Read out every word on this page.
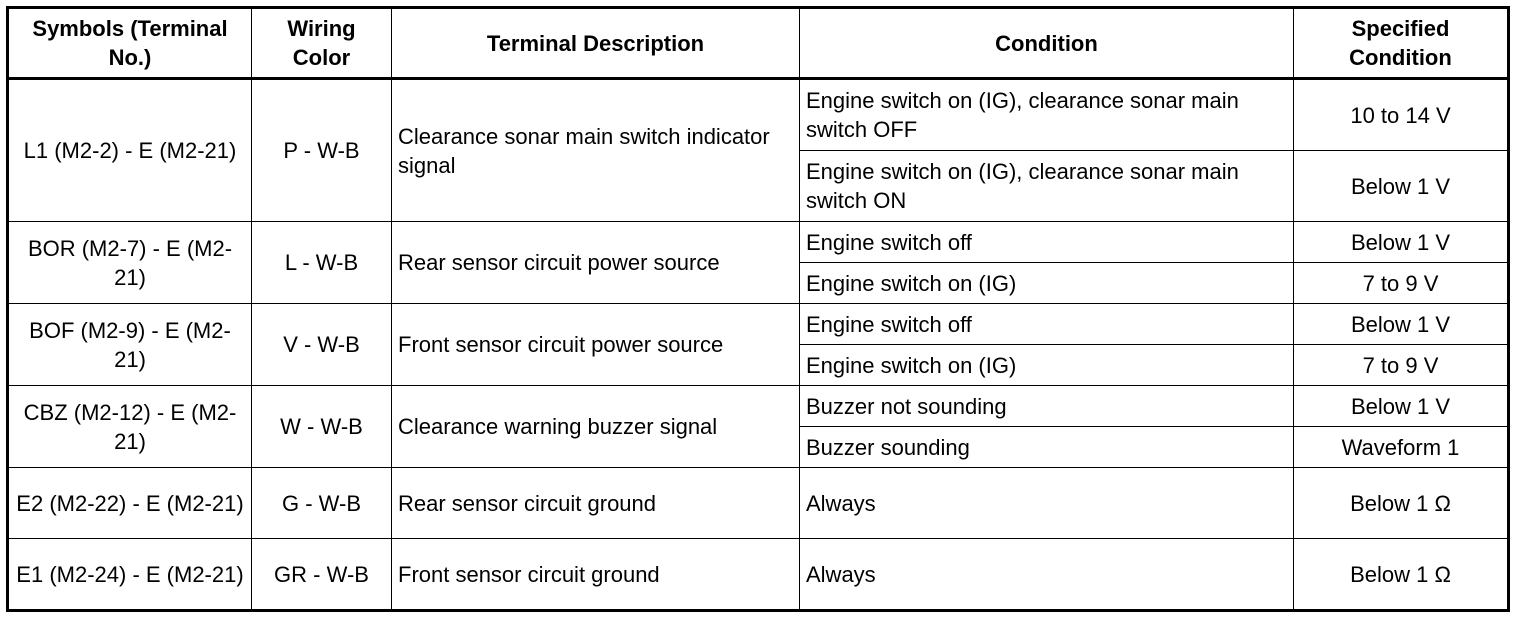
Symbols (Terminal No.)	Wiring Color	Terminal Description	Condition	Specified Condition
L1 (M2-2) - E (M2-21)	P - W-B	Clearance sonar main switch indicator signal	Engine switch on (IG), clearance sonar main switch OFF	10 to 14 V
			Engine switch on (IG), clearance sonar main switch ON	Below 1 V
BOR (M2-7) - E (M2-21)	L - W-B	Rear sensor circuit power source	Engine switch off	Below 1 V
			Engine switch on (IG)	7 to 9 V
BOF (M2-9) - E (M2-21)	V - W-B	Front sensor circuit power source	Engine switch off	Below 1 V
			Engine switch on (IG)	7 to 9 V
CBZ (M2-12) - E (M2-21)	W - W-B	Clearance warning buzzer signal	Buzzer not sounding	Below 1 V
			Buzzer sounding	Waveform 1
E2 (M2-22) - E (M2-21)	G - W-B	Rear sensor circuit ground	Always	Below 1 Ω
E1 (M2-24) - E (M2-21)	GR - W-B	Front sensor circuit ground	Always	Below 1 Ω
